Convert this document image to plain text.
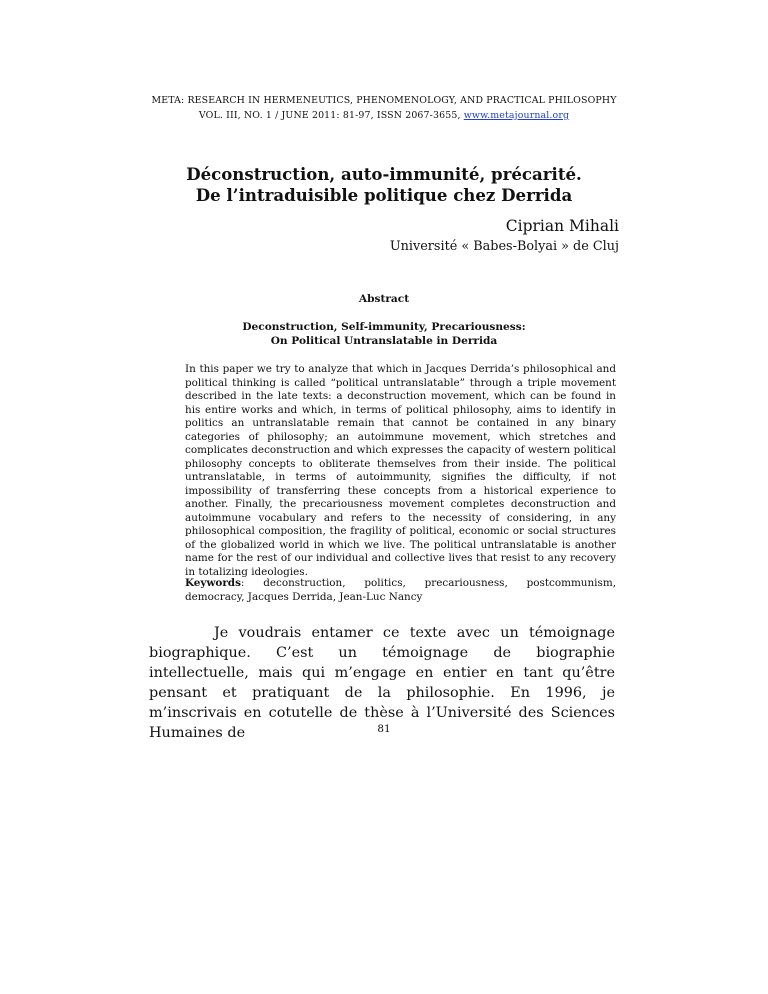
META: RESEARCH IN HERMENEUTICS, PHENOMENOLOGY, AND PRACTICAL PHILOSOPHY
VOL. III, NO. 1 / JUNE 2011: 81-97, ISSN 2067-3655, www.metajournal.org
Déconstruction, auto-immunité, précarité.
De l’intraduisible politique chez Derrida
Ciprian Mihali
Université « Babes-Bolyai » de Cluj
Abstract
Deconstruction, Self-immunity, Precariousness:
On Political Untranslatable in Derrida

In this paper we try to analyze that which in Jacques Derrida’s philosophical and political thinking is called “political untranslatable” through a triple movement described in the late texts: a deconstruction movement, which can be found in his entire works and which, in terms of political philosophy, aims to identify in politics an untranslatable remain that cannot be contained in any binary categories of philosophy; an autoimmune movement, which stretches and complicates deconstruction and which expresses the capacity of western political philosophy concepts to obliterate themselves from their inside. The political untranslatable, in terms of autoimmunity, signifies the difficulty, if not impossibility of transferring these concepts from a historical experience to another. Finally, the precariousness movement completes deconstruction and autoimmune vocabulary and refers to the necessity of considering, in any philosophical composition, the fragility of political, economic or social structures of the globalized world in which we live. The political untranslatable is another name for the rest of our individual and collective lives that resist to any recovery in totalizing ideologies.

Keywords: deconstruction, politics, precariousness, postcommunism, democracy, Jacques Derrida, Jean-Luc Nancy

Je voudrais entamer ce texte avec un témoignage biographique. C’est un témoignage de biographie intellectuelle, mais qui m’engage en entier en tant qu’être pensant et pratiquant de la philosophie. En 1996, je m’inscrivais en cotutelle de thèse à l’Université des Sciences Humaines de	81
